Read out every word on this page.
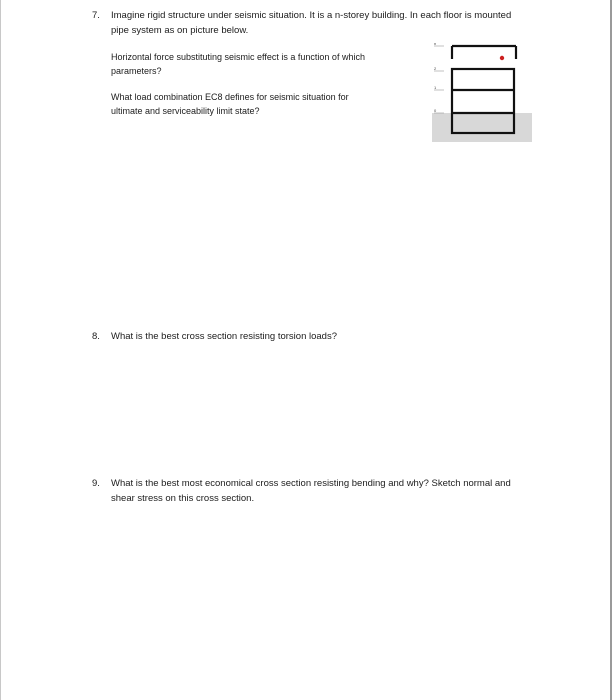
7. Imagine rigid structure under seismic situation. It is a n-storey building. In each floor is mounted
pipe system as on picture below.
Horizontal force substituting seismic effect is a function of which
parameters?
What load combination EC8 defines for seismic situation for
ultimate and serviceability limit state?
n
2
1
0
8. What is the best cross section resisting torsion loads?
9. What is the best most economical cross section resisting bending and why? Sketch normal and
shear stress on this cross section.
